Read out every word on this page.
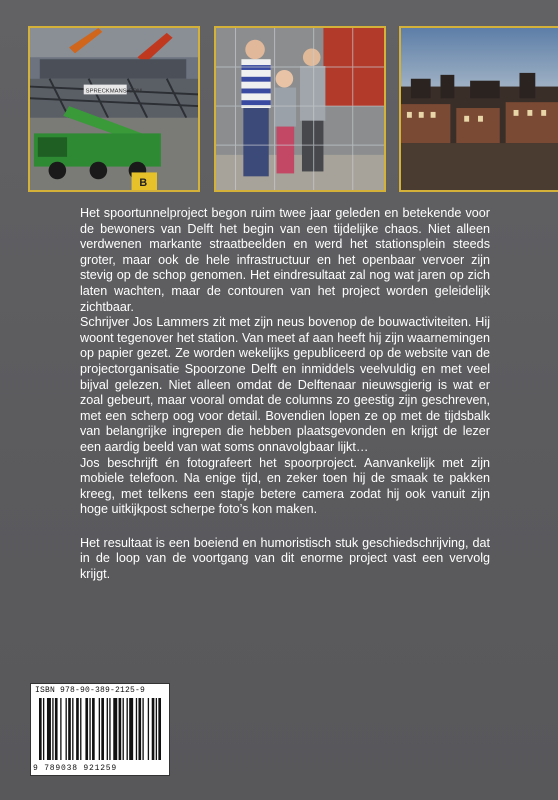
SPRECKMANS.COM
B

Het spoortunnelproject begon ruim twee jaar geleden en betekende voor de bewoners van Delft het begin van een tijdelijke chaos. Niet alleen verdwenen markante straatbeelden en werd het stationsplein steeds groter, maar ook de hele infrastructuur en het openbaar vervoer zijn stevig op de schop genomen. Het eindresultaat zal nog wat jaren op zich laten wachten, maar de contouren van het project worden geleidelijk zichtbaar.

Schrijver Jos Lammers zit met zijn neus bovenop de bouwactiviteiten. Hij woont tegenover het station. Van meet af aan heeft hij zijn waarnemingen op papier gezet. Ze worden wekelijks gepubliceerd op de website van de projectorganisatie Spoorzone Delft en inmiddels veelvuldig en met veel bijval gelezen. Niet alleen omdat de Delftenaar nieuwsgierig is wat er zoal gebeurt, maar vooral omdat de columns zo geestig zijn geschreven, met een scherp oog voor detail. Bovendien lopen ze op met de tijdsbalk van belangrijke ingrepen die hebben plaatsgevonden en krijgt de lezer een aardig beeld van wat soms onnavolgbaar lijkt…

Jos beschrijft én fotografeert het spoorproject. Aanvankelijk met zijn mobiele telefoon. Na enige tijd, en zeker toen hij de smaak te pakken kreeg, met telkens een stapje betere camera zodat hij ook vanuit zijn hoge uitkijkpost scherpe foto’s kon maken.

Het resultaat is een boeiend en humoristisch stuk geschiedschrijving, dat in de loop van de voortgang van dit enorme project vast een vervolg krijgt.

ISBN 978-90-389-2125-9
9 789038 921259
